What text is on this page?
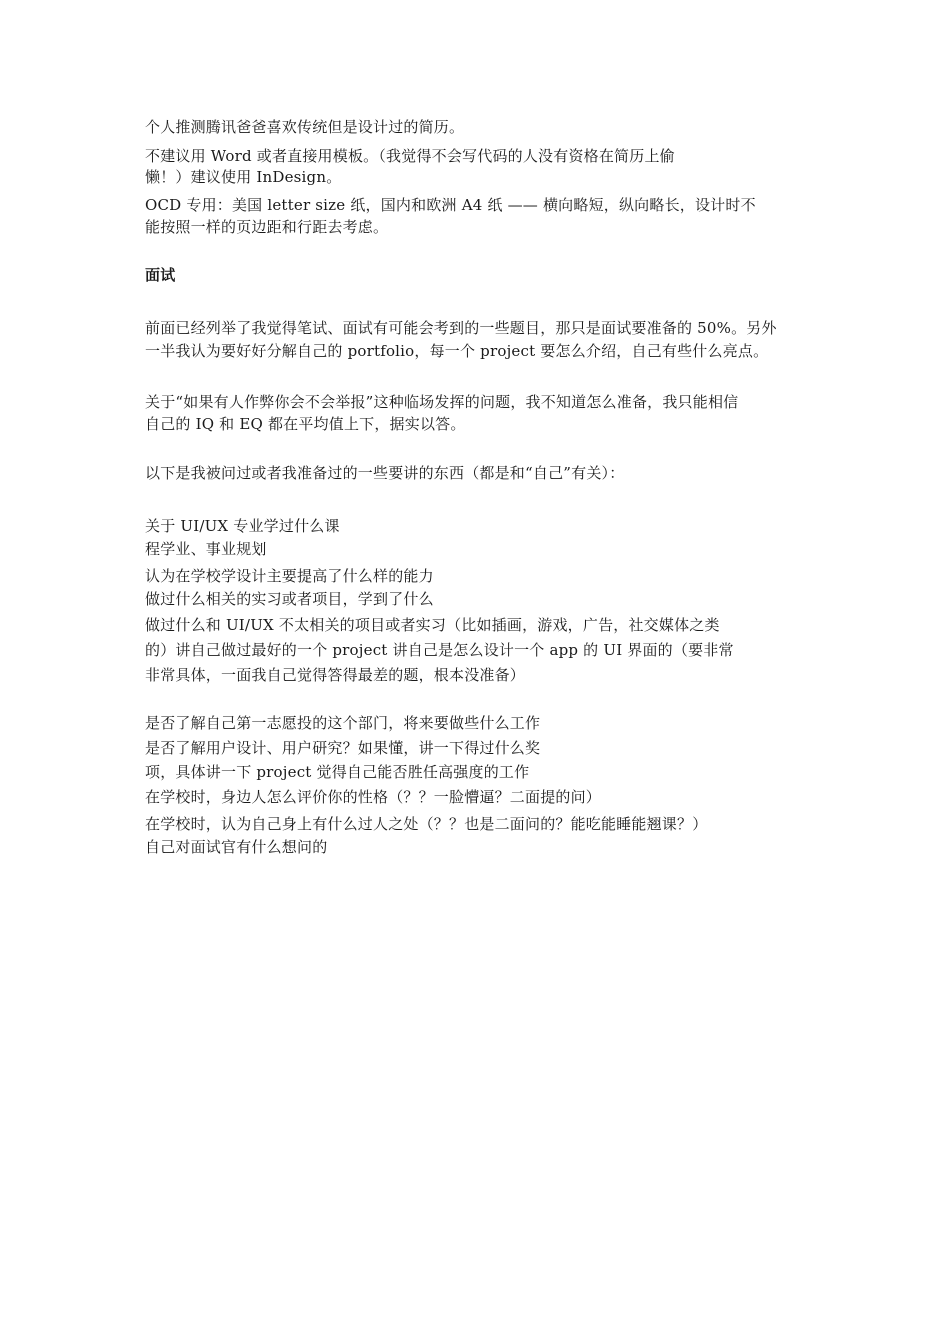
个人推测腾讯爸爸喜欢传统但是设计过的简历。

不建议用 Word 或者直接用模板。（我觉得不会写代码的人没有资格在简历上偷

懒！）建议使用 InDesign。

OCD 专用：美国 letter size 纸，国内和欧洲 A4 纸 —— 横向略短，纵向略长，设计时不

能按照一样的页边距和行距去考虑。

面试

前面已经列举了我觉得笔试、面试有可能会考到的一些题目，那只是面试要准备的 50%。另外

一半我认为要好好分解自己的 portfolio，每一个 project 要怎么介绍，自己有些什么亮点。

关于“如果有人作弊你会不会举报”这种临场发挥的问题，我不知道怎么准备，我只能相信

自己的 IQ 和 EQ 都在平均值上下，据实以答。

以下是我被问过或者我准备过的一些要讲的东西（都是和“自己”有关）：

关于 UI/UX 专业学过什么课

程学业、事业规划

认为在学校学设计主要提高了什么样的能力

做过什么相关的实习或者项目，学到了什么

做过什么和 UI/UX 不太相关的项目或者实习（比如插画，游戏，广告，社交媒体之类

的）讲自己做过最好的一个 project 讲自己是怎么设计一个 app 的 UI 界面的（要非常

非常具体，一面我自己觉得答得最差的题，根本没准备）

是否了解自己第一志愿投的这个部门，将来要做些什么工作

是否了解用户设计、用户研究？如果懂，讲一下得过什么奖

项，具体讲一下 project 觉得自己能否胜任高强度的工作

在学校时，身边人怎么评价你的性格（？？一脸懵逼？二面提的问）

在学校时，认为自己身上有什么过人之处（？？也是二面问的？能吃能睡能翘课？）

自己对面试官有什么想问的
